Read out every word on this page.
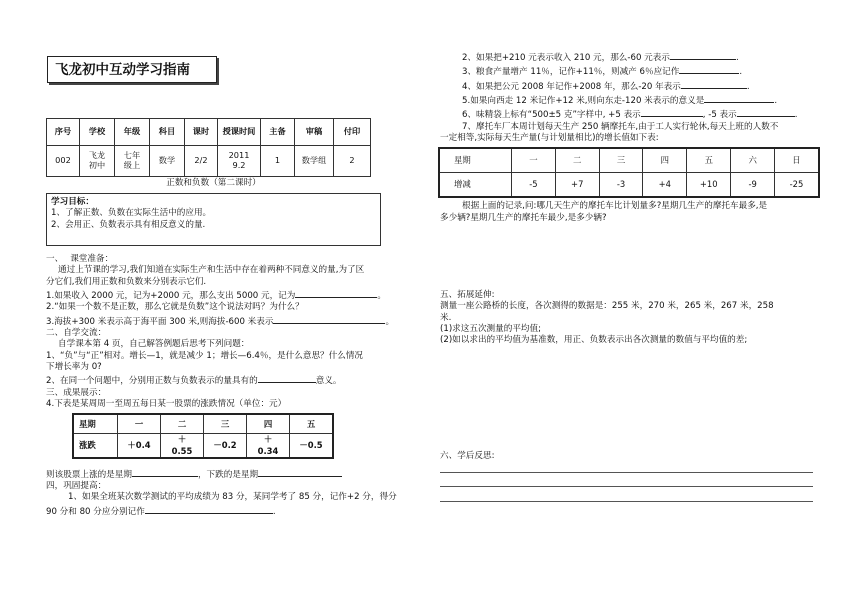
飞龙初中互动学习指南
序号	学校	年级	科目	课时	授课时间	主备	审稿	付印
002	飞龙初中	七年级上	数学	2/2	2011 9.2	1	数学组	2
正数和负数（第二课时）
学习目标：
1、了解正数、负数在实际生活中的应用。
2、会用正、负数表示具有相反意义的量.

一、　 课堂准备：

通过上节课的学习,我们知道在实际生产和生活中存在着两种不同意义的量,为了区

分它们,我们用正数和负数来分别表示它们.

1.如果收入 2000 元，记为+2000 元，那么支出 5000 元，记为	。

2.“如果一个数不是正数，那么它就是负数”这个说法对吗？为什么？

3.海拔+300 米表示高于海平面 300 米,则海拔-600 米表示	。

二、自学交流：

自学课本第 4 页，自己解答例题后思考下列问题：

1、“负”与“正”相对。增长—1，就是减少 1；增长—6.4％，是什么意思？什么情况

下增长率为 0?

2、在同一个问题中，分别用正数与负数表示的量具有的	意义。

三、成果展示：

4.下表是某周周一至周五每日某一股票的涨跌情况（单位：元）

星期	一	二	三	四	五
涨跌	＋0.4	＋0.55	－0.2	＋0.34	－0.5

则该股票上涨的是星期	，下跌的是星期

四，巩固提高：

1、如果全班某次数学测试的平均成绩为 83 分，某同学考了 85 分，记作+2 分，得分

90 分和 80 分应分别记作	.

2、如果把+210 元表示收入 210 元，那么-60 元表示	.

3、粮食产量增产 11％，记作+11％，则减产 6％应记作	.

4、如果把公元 2008 年记作+2008 年，那么-20 年表示	.

5.如果向西走 12 米记作+12 米,则向东走-120 米表示的意义是	.

6、味精袋上标有“500±5 克”字样中, +5 表示	, -5 表示	.

7、摩托车厂本周计划每天生产 250 辆摩托车,由于工人实行轮休,每天上班的人数不

一定相等,实际每天生产量(与计划量相比)的增长值如下表:

星期	一	二	三	四	五	六	日
增减	-5	+7	-3	+4	+10	-9	-25

根据上面的记录,问:哪几天生产的摩托车比计划量多?星期几生产的摩托车最多,是

多少辆?星期几生产的摩托车最少,是多少辆?

五、拓展延伸:

测量一座公路桥的长度，各次测得的数据是：255 米，270 米，265 米，267 米，258

米.

(1)求这五次测量的平均值;

(2)如以求出的平均值为基准数，用正、负数表示出各次测量的数值与平均值的差;

六、学后反思:
